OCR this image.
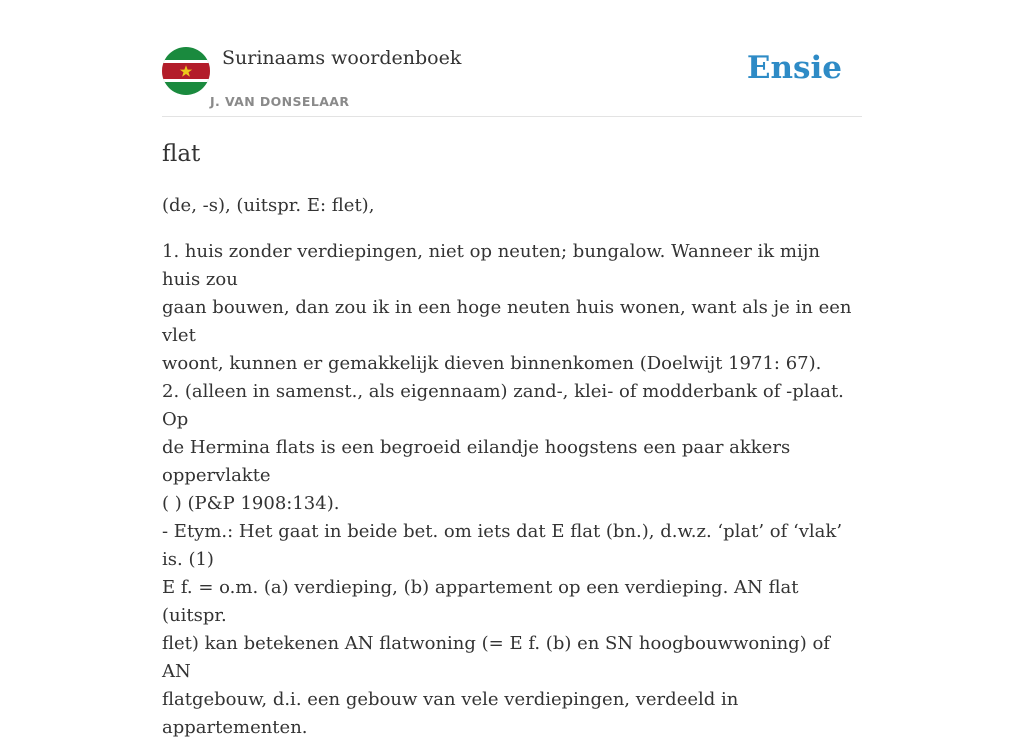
Surinaams woordenboek
J. VAN DONSELAAR
Ensie
flat

(de, -s), (uitspr. E: flet),

1. huis zonder verdiepingen, niet op neuten; bungalow. Wanneer ik mijn huis zou
gaan bouwen, dan zou ik in een hoge neuten huis wonen, want als je in een vlet
woont, kunnen er gemakkelijk dieven binnenkomen (Doelwijt 1971: 67).
2. (alleen in samenst., als eigennaam) zand-, klei- of modderbank of -plaat. Op
de Hermina flats is een begroeid eilandje hoogstens een paar akkers oppervlakte
( ) (P&P 1908:134).
- Etym.: Het gaat in beide bet. om iets dat E flat (bn.), d.w.z. ‘plat’ of ‘vlak’ is. (1)
E f. = o.m. (a) verdieping, (b) appartement op een verdieping. AN flat (uitspr.
flet) kan betekenen AN flatwoning (= E f. (b) en SN hoogbouwwoning) of AN
flatgebouw, d.i. een gebouw van vele verdiepingen, verdeeld in appartementen.
